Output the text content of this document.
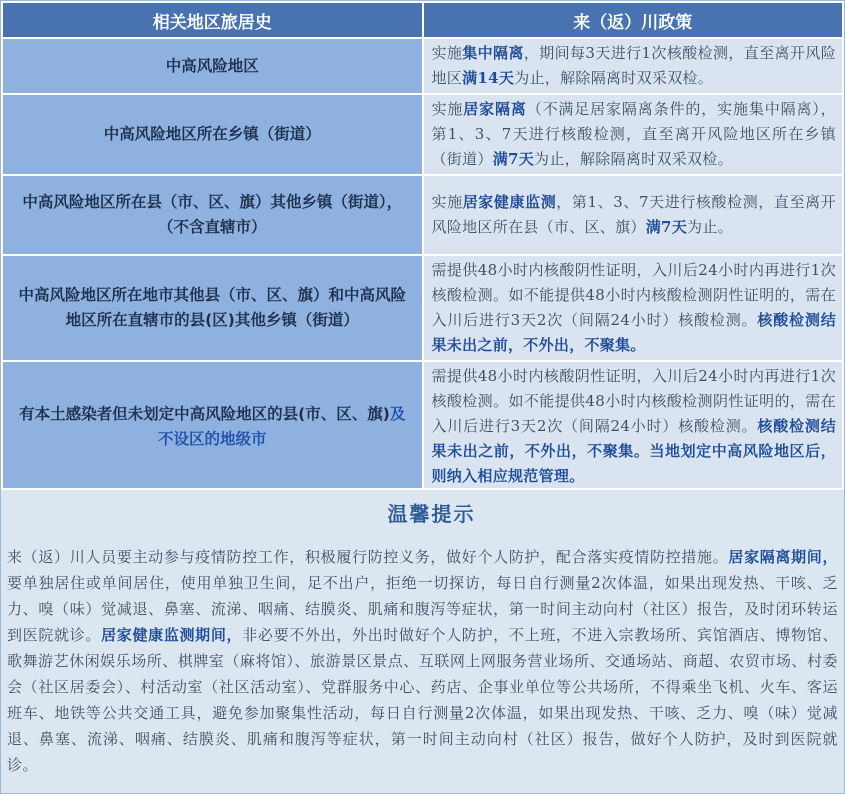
相关地区旅居史	来（返）川政策
中高风险地区	实施集中隔离，期间每3天进行1次核酸检测，直至离开风险地区满14天为止，解除隔离时双采双检。
中高风险地区所在乡镇（街道）	实施居家隔离（不满足居家隔离条件的，实施集中隔离），第1、3、7天进行核酸检测，直至离开风险地区所在乡镇（街道）满7天为止，解除隔离时双采双检。
中高风险地区所在县（市、区、旗）其他乡镇（街道），（不含直辖市）	实施居家健康监测，第1、3、7天进行核酸检测，直至离开风险地区所在县（市、区、旗）满7天为止。
中高风险地区所在地市其他县（市、区、旗）和中高风险地区所在直辖市的县(区)其他乡镇（街道）	需提供48小时内核酸阴性证明，入川后24小时内再进行1次核酸检测。如不能提供48小时内核酸检测阴性证明的，需在入川后进行3天2次（间隔24小时）核酸检测。核酸检测结果未出之前，不外出，不聚集。
有本土感染者但未划定中高风险地区的县(市、区、旗)及不设区的地级市	需提供48小时内核酸阴性证明，入川后24小时内再进行1次核酸检测。如不能提供48小时内核酸检测阴性证明的，需在入川后进行3天2次（间隔24小时）核酸检测。核酸检测结果未出之前，不外出，不聚集。当地划定中高风险地区后，则纳入相应规范管理。
温馨提示
来（返）川人员要主动参与疫情防控工作，积极履行防控义务，做好个人防护，配合落实疫情防控措施。居家隔离期间，要单独居住或单间居住，使用单独卫生间，足不出户，拒绝一切探访，每日自行测量2次体温，如果出现发热、干咳、乏力、嗅（味）觉减退、鼻塞、流涕、咽痛、结膜炎、肌痛和腹泻等症状，第一时间主动向村（社区）报告，及时闭环转运到医院就诊。居家健康监测期间，非必要不外出，外出时做好个人防护，不上班，不进入宗教场所、宾馆酒店、博物馆、歌舞游艺休闲娱乐场所、棋牌室（麻将馆）、旅游景区景点、互联网上网服务营业场所、交通场站、商超、农贸市场、村委会（社区居委会）、村活动室（社区活动室）、党群服务中心、药店、企事业单位等公共场所，不得乘坐飞机、火车、客运班车、地铁等公共交通工具，避免参加聚集性活动，每日自行测量2次体温，如果出现发热、干咳、乏力、嗅（味）觉减退、鼻塞、流涕、咽痛、结膜炎、肌痛和腹泻等症状，第一时间主动向村（社区）报告，做好个人防护，及时到医院就诊。
